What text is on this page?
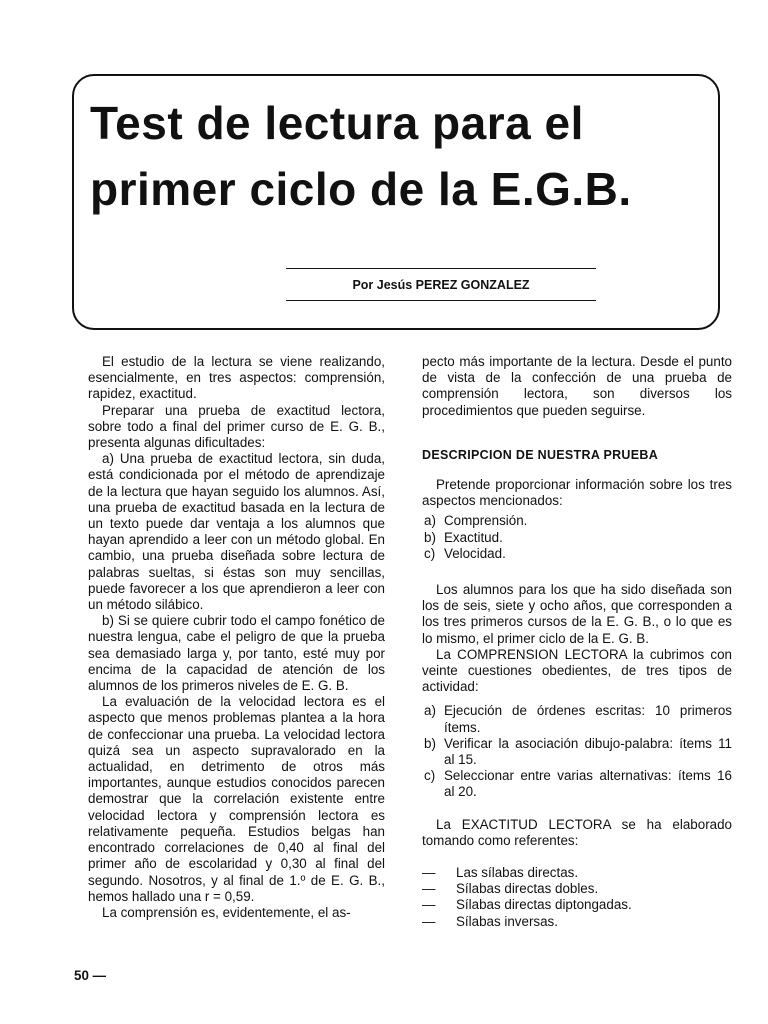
Test de lectura para el
primer ciclo de la E.G.B.
Por Jesús PEREZ GONZALEZ

El estudio de la lectura se viene realizando, esencialmente, en tres aspectos: comprensión, rapidez, exactitud.

Preparar una prueba de exactitud lectora, sobre todo a final del primer curso de E. G. B., presenta algunas dificultades:

a) Una prueba de exactitud lectora, sin duda, está condicionada por el método de aprendizaje de la lectura que hayan seguido los alumnos. Así, una prueba de exactitud basada en la lectura de un texto puede dar ventaja a los alumnos que hayan aprendido a leer con un método global. En cambio, una prueba diseñada sobre lectura de palabras sueltas, si éstas son muy sencillas, puede favorecer a los que aprendieron a leer con un método silábico.

b) Si se quiere cubrir todo el campo fonético de nuestra lengua, cabe el peligro de que la prueba sea demasiado larga y, por tanto, esté muy por encima de la capacidad de atención de los alumnos de los primeros niveles de E. G. B.

La evaluación de la velocidad lectora es el aspecto que menos problemas plantea a la hora de confeccionar una prueba. La velocidad lectora quizá sea un aspecto supravalorado en la actualidad, en detrimento de otros más importantes, aunque estudios conocidos parecen demostrar que la correlación existente entre velocidad lectora y comprensión lectora es relativamente pequeña. Estudios belgas han encontrado correlaciones de 0,40 al final del primer año de escolaridad y 0,30 al final del segundo. Nosotros, y al final de 1.º de E. G. B., hemos hallado una r = 0,59.

La comprensión es, evidentemente, el as-

pecto más importante de la lectura. Desde el punto de vista de la confección de una prueba de comprensión lectora, son diversos los procedimientos que pueden seguirse.

DESCRIPCION DE NUESTRA PRUEBA

Pretende proporcionar información sobre los tres aspectos mencionados:

a) Comprensión.
b) Exactitud.
c) Velocidad.

Los alumnos para los que ha sido diseñada son los de seis, siete y ocho años, que corresponden a los tres primeros cursos de la E. G. B., o lo que es lo mismo, el primer ciclo de la E. G. B.

La COMPRENSION LECTORA la cubrimos con veinte cuestiones obedientes, de tres tipos de actividad:

a) Ejecución de órdenes escritas: 10 primeros ítems.
b) Verificar la asociación dibujo-palabra: ítems 11 al 15.
c) Seleccionar entre varias alternativas: ítems 16 al 20.

La EXACTITUD LECTORA se ha elaborado tomando como referentes:

—	Las sílabas directas.
—	Sílabas directas dobles.
—	Sílabas directas diptongadas.
—	Sílabas inversas.
50 —
